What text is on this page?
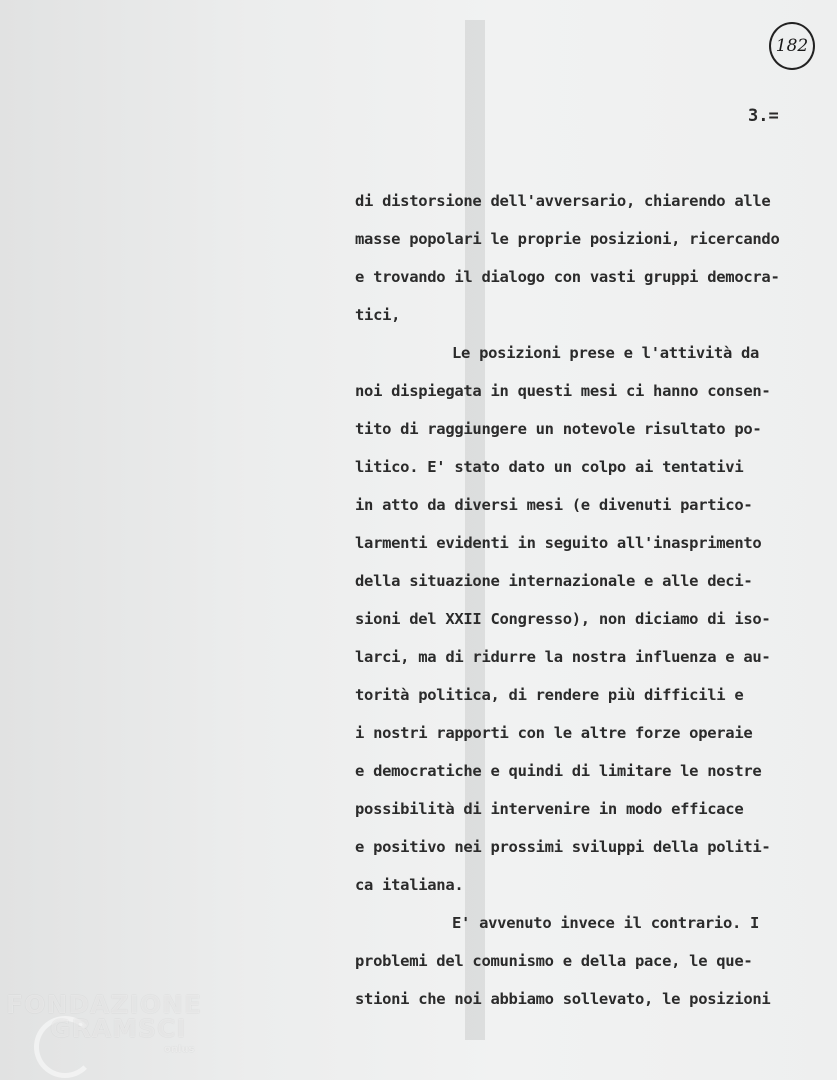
182
3.=
di distorsione dell'avversario, chiarendo alle
masse popolari le proprie posizioni, ricercando
e trovando il dialogo con vasti gruppi democra-
tici,
Le posizioni prese e l'attività da
noi dispiegata in questi mesi ci hanno consen-
tito di raggiungere un notevole risultato po-
litico. E' stato dato un colpo ai tentativi
in atto da diversi mesi (e divenuti partico-
larmenti evidenti in seguito all'inasprimento
della situazione internazionale e alle deci-
sioni del XXII Congresso), non diciamo di iso-
larci, ma di ridurre la nostra influenza e au-
torità politica, di rendere più difficili e
i nostri rapporti con le altre forze operaie
e democratiche e quindi di limitare le nostre
possibilità di intervenire in modo efficace
e positivo nei prossimi sviluppi della politi-
ca italiana.
E' avvenuto invece il contrario. I
problemi del comunismo e della pace, le que-
stioni che noi abbiamo sollevato, le posizioni
FONDAZIONE
GRAMSCI
onlus
